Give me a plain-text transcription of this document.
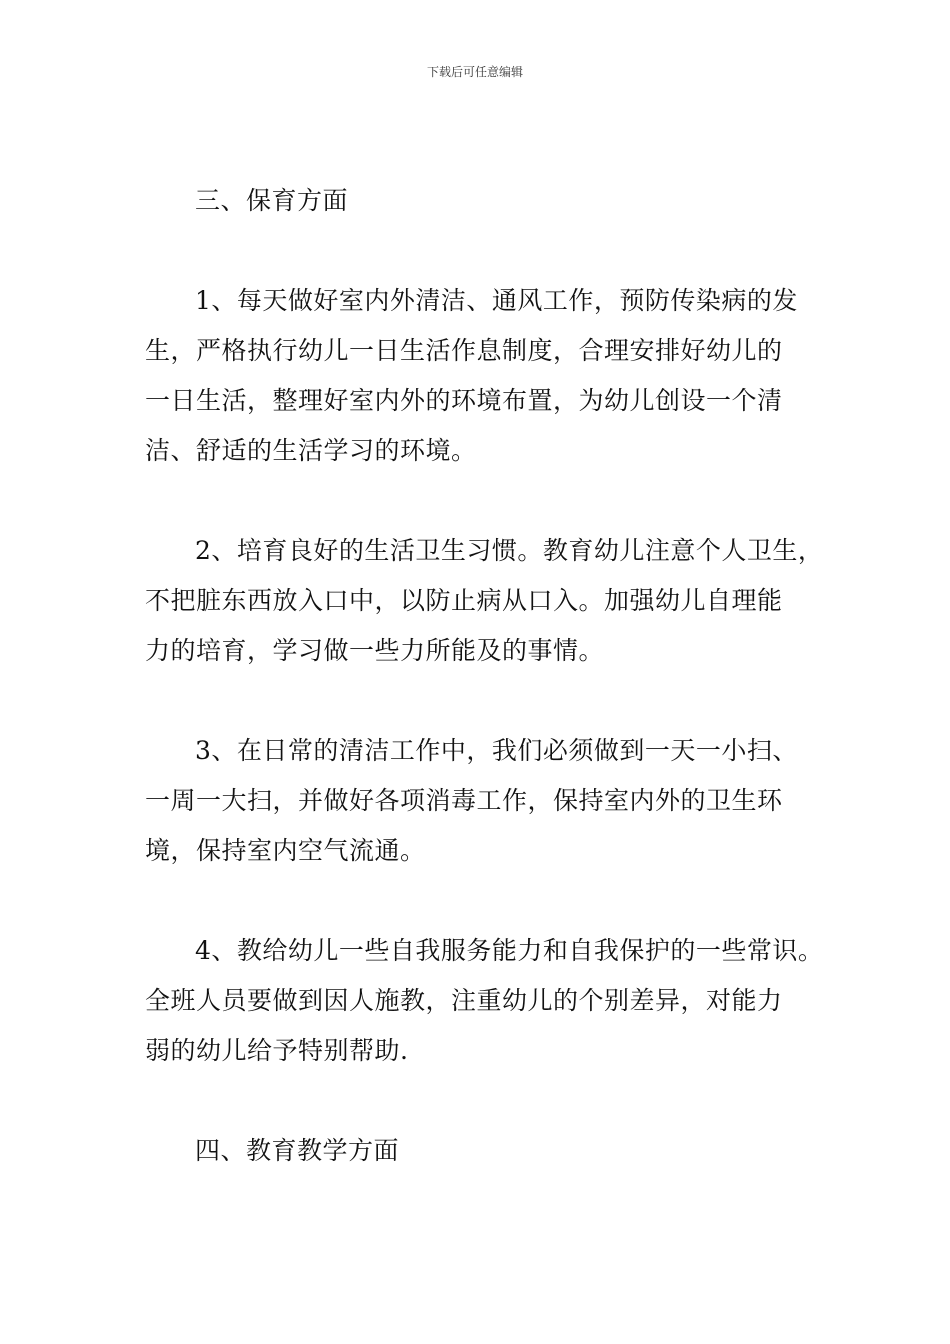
下载后可任意编辑
三、保育方面
1、每天做好室内外清洁、通风工作，预防传染病的发
生，严格执行幼儿一日生活作息制度，合理安排好幼儿的
一日生活，整理好室内外的环境布置，为幼儿创设一个清
洁、舒适的生活学习的环境。
2、培育良好的生活卫生习惯。教育幼儿注意个人卫生，
不把脏东西放入口中，以防止病从口入。加强幼儿自理能
力的培育，学习做一些力所能及的事情。
3、在日常的清洁工作中，我们必须做到一天一小扫、
一周一大扫，并做好各项消毒工作，保持室内外的卫生环
境，保持室内空气流通。
4、教给幼儿一些自我服务能力和自我保护的一些常识。
全班人员要做到因人施教，注重幼儿的个别差异，对能力
弱的幼儿给予特别帮助.
四、教育教学方面
